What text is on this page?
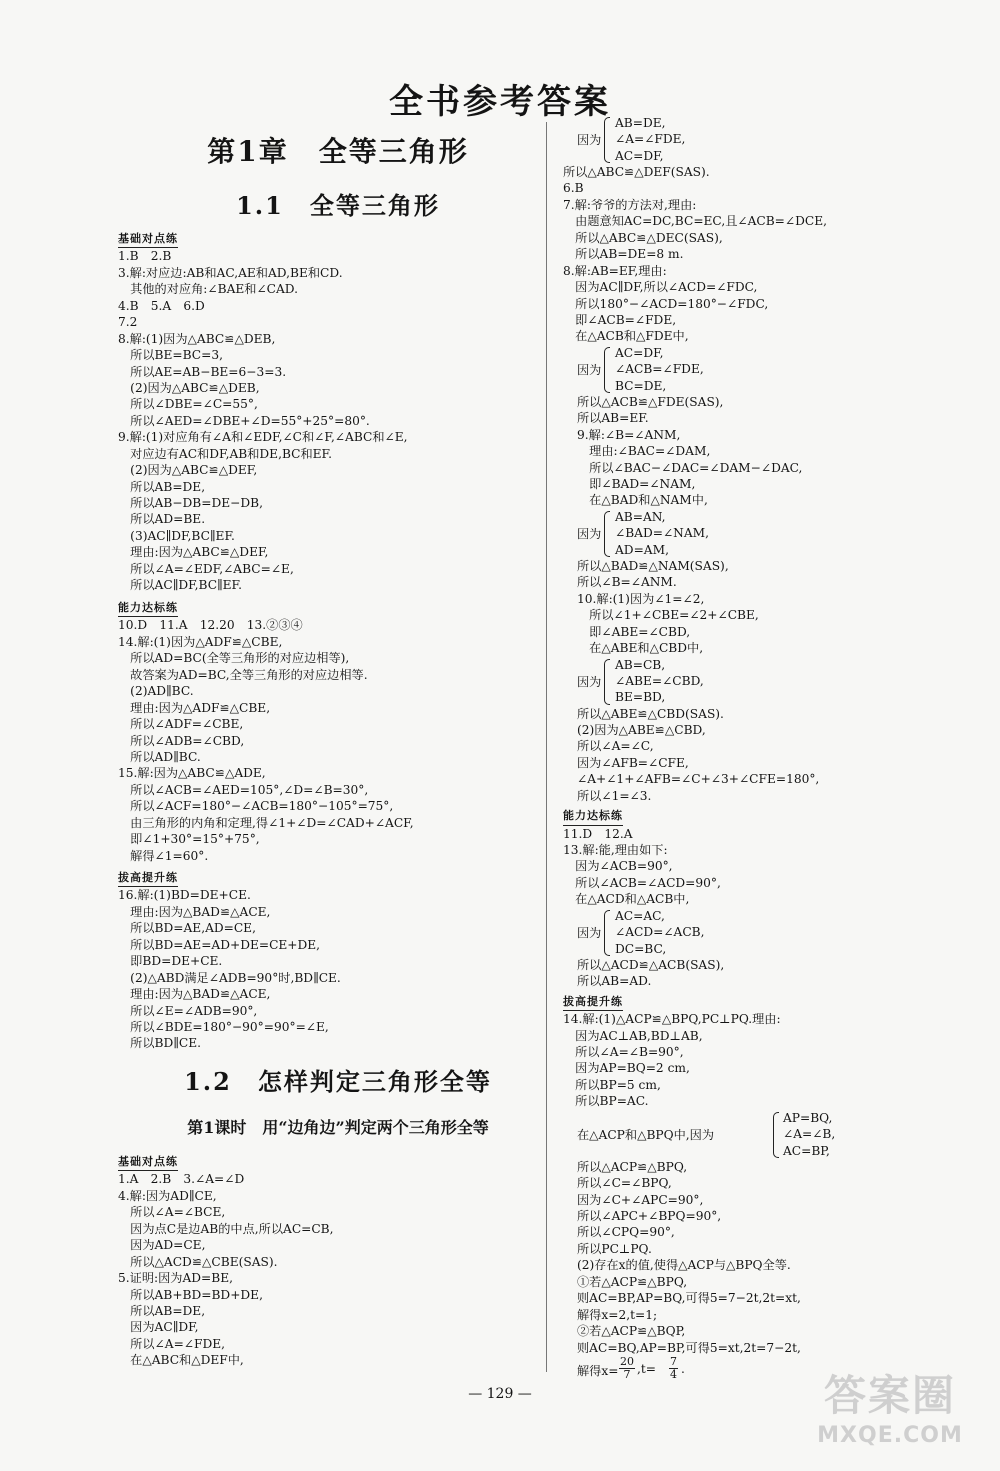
全书参考答案
第1章　全等三角形
1.1　全等三角形
基础对点练
1.B　2.B
3.解:对应边:AB和AC,AE和AD,BE和CD.
　其他的对应角:∠BAE和∠CAD.
4.B　5.A　6.D
7.2
8.解:(1)因为△ABC≌△DEB,
　所以BE=BC=3,
　所以AE=AB−BE=6−3=3.
　(2)因为△ABC≌△DEB,
　所以∠DBE=∠C=55°,
　所以∠AED=∠DBE+∠D=55°+25°=80°.
9.解:(1)对应角有∠A和∠EDF,∠C和∠F,∠ABC和∠E,
　对应边有AC和DF,AB和DE,BC和EF.
　(2)因为△ABC≌△DEF,
　所以AB=DE,
　所以AB−DB=DE−DB,
　所以AD=BE.
　(3)AC∥DF,BC∥EF.
　理由:因为△ABC≌△DEF,
　所以∠A=∠EDF,∠ABC=∠E,
　所以AC∥DF,BC∥EF.
能力达标练
10.D　11.A　12.20　13.②③④
14.解:(1)因为△ADF≌△CBE,
　所以AD=BC(全等三角形的对应边相等),
　故答案为AD=BC,全等三角形的对应边相等.
　(2)AD∥BC.
　理由:因为△ADF≌△CBE,
　所以∠ADF=∠CBE,
　所以∠ADB=∠CBD,
　所以AD∥BC.
15.解:因为△ABC≌△ADE,
　所以∠ACB=∠AED=105°,∠D=∠B=30°,
　所以∠ACF=180°−∠ACB=180°−105°=75°,
　由三角形的内角和定理,得∠1+∠D=∠CAD+∠ACF,
　即∠1+30°=15°+75°,
　解得∠1=60°.
拔高提升练
16.解:(1)BD=DE+CE.
　理由:因为△BAD≌△ACE,
　所以BD=AE,AD=CE,
　所以BD=AE=AD+DE=CE+DE,
　即BD=DE+CE.
　(2)△ABD满足∠ADB=90°时,BD∥CE.
　理由:因为△BAD≌△ACE,
　所以∠E=∠ADB=90°,
　所以∠BDE=180°−90°=90°=∠E,
　所以BD∥CE.
1.2　怎样判定三角形全等
第1课时　用“边角边”判定两个三角形全等
基础对点练
1.A　2.B　3.∠A=∠D
4.解:因为AD∥CE,
　所以∠A=∠BCE,
　因为点C是边AB的中点,所以AC=CB,
　因为AD=CE,
　所以△ACD≌△CBE(SAS).
5.证明:因为AD=BE,
　所以AB+BD=BD+DE,
　所以AB=DE,
　因为AC∥DF,
　所以∠A=∠FDE,
　在△ABC和△DEF中,
因为
AB=DE,
∠A=∠FDE,
AC=DF,
所以△ABC≌△DEF(SAS).
6.B
7.解:爷爷的方法对,理由:
　由题意知AC=DC,BC=EC,且∠ACB=∠DCE,
　所以△ABC≌△DEC(SAS),
　所以AB=DE=8 m.
8.解:AB=EF,理由:
　因为AC∥DF,所以∠ACD=∠FDC,
　所以180°−∠ACD=180°−∠FDC,
　即∠ACB=∠FDE,
　在△ACB和△FDE中,
因为
AC=DF,
∠ACB=∠FDE,
BC=DE,
所以△ACB≌△FDE(SAS),
所以AB=EF.
9.解:∠B=∠ANM,
　理由:∠BAC=∠DAM,
　所以∠BAC−∠DAC=∠DAM−∠DAC,
　即∠BAD=∠NAM,
　在△BAD和△NAM中,
因为
AB=AN,
∠BAD=∠NAM,
AD=AM,
所以△BAD≌△NAM(SAS),
所以∠B=∠ANM.
10.解:(1)因为∠1=∠2,
　所以∠1+∠CBE=∠2+∠CBE,
　即∠ABE=∠CBD,
　在△ABE和△CBD中,
因为
AB=CB,
∠ABE=∠CBD,
BE=BD,
所以△ABE≌△CBD(SAS).
(2)因为△ABE≌△CBD,
所以∠A=∠C,
因为∠AFB=∠CFE,
∠A+∠1+∠AFB=∠C+∠3+∠CFE=180°,
所以∠1=∠3.
能力达标练
11.D　12.A
13.解:能,理由如下:
　因为∠ACB=90°,
　所以∠ACB=∠ACD=90°,
　在△ACD和△ACB中,
因为
AC=AC,
∠ACD=∠ACB,
DC=BC,
所以△ACD≌△ACB(SAS),
所以AB=AD.
拔高提升练
14.解:(1)△ACP≌△BPQ,PC⊥PQ.理由:
　因为AC⊥AB,BD⊥AB,
　所以∠A=∠B=90°,
　因为AP=BQ=2 cm,
　所以BP=5 cm,
　所以BP=AC.
在△ACP和△BPQ中,因为
AP=BQ,
∠A=∠B,
AC=BP,
所以△ACP≌△BPQ,
所以∠C=∠BPQ,
因为∠C+∠APC=90°,
所以∠APC+∠BPQ=90°,
所以∠CPQ=90°,
所以PC⊥PQ.
(2)存在x的值,使得△ACP与△BPQ全等.
①若△ACP≌△BPQ,
则AC=BP,AP=BQ,可得5=7−2t,2t=xt,
解得x=2,t=1;
②若△ACP≌△BQP,
则AC=BQ,AP=BP,可得5=xt,2t=7−2t,
解得$x= \frac{20}{7} ,t= \frac{7}{4}$ .
— 129 —	答案圈
MXQE.COM
